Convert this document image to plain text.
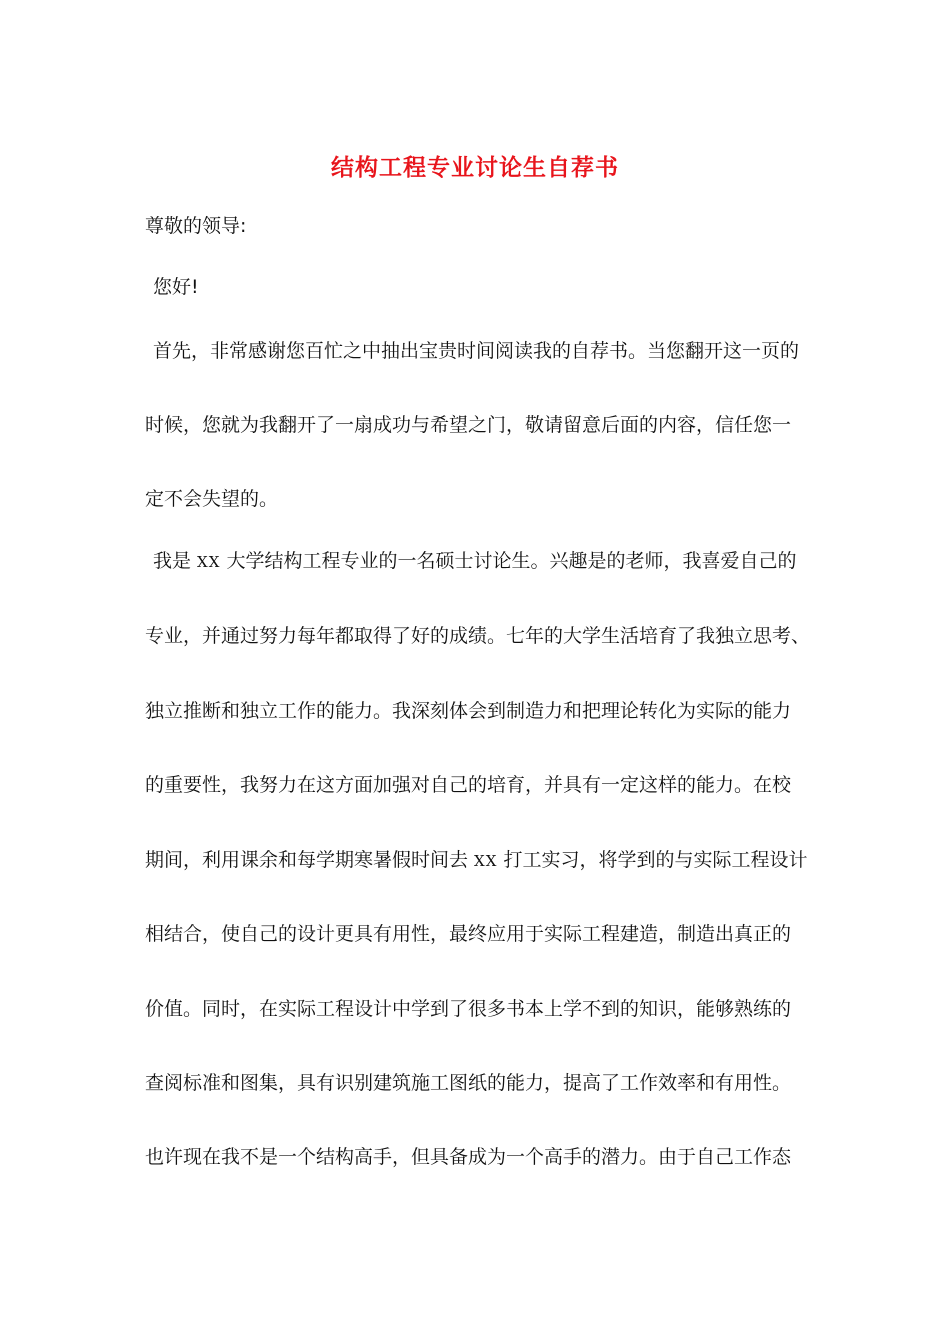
结构工程专业讨论生自荐书
尊敬的领导:
您好!
首先，非常感谢您百忙之中抽出宝贵时间阅读我的自荐书。当您翻开这一页的
时候，您就为我翻开了一扇成功与希望之门，敬请留意后面的内容，信任您一
定不会失望的。
我是 XX 大学结构工程专业的一名硕士讨论生。兴趣是的老师，我喜爱自己的
专业，并通过努力每年都取得了好的成绩。七年的大学生活培育了我独立思考、
独立推断和独立工作的能力。我深刻体会到制造力和把理论转化为实际的能力
的重要性，我努力在这方面加强对自己的培育，并具有一定这样的能力。在校
期间，利用课余和每学期寒暑假时间去 XX 打工实习，将学到的与实际工程设计
相结合，使自己的设计更具有用性，最终应用于实际工程建造，制造出真正的
价值。同时，在实际工程设计中学到了很多书本上学不到的知识，能够熟练的
查阅标准和图集，具有识别建筑施工图纸的能力，提高了工作效率和有用性。
也许现在我不是一个结构高手，但具备成为一个高手的潜力。由于自己工作态
